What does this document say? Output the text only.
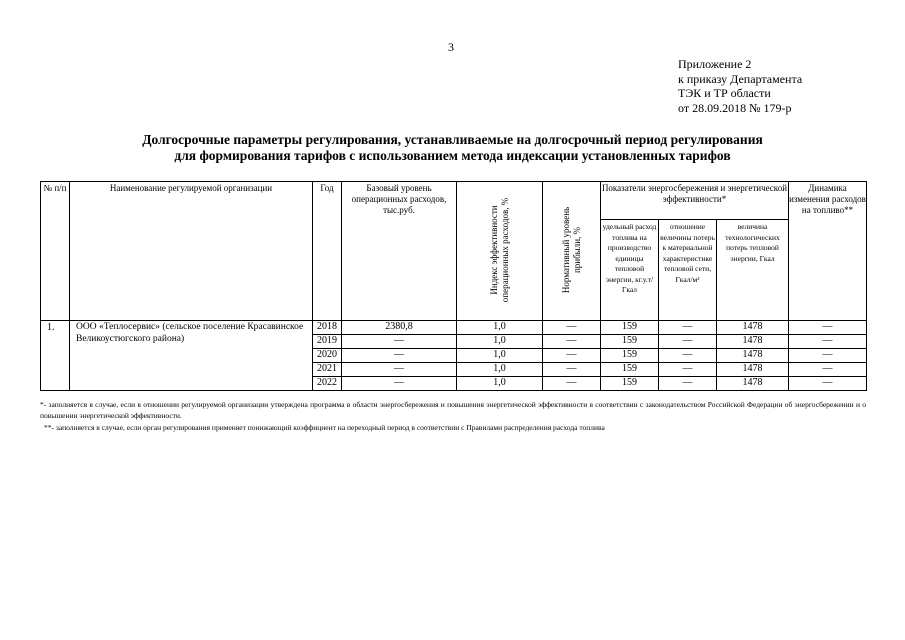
3
Приложение 2
к приказу Департамента
ТЭК и ТР области
от 28.09.2018 № 179-р
Долгосрочные параметры регулирования, устанавливаемые на долгосрочный период регулирования
для формирования тарифов с использованием метода индексации установленных тарифов
№ п/п	Наименование регулируемой организации	Год	Базовый уровень операционных расходов, тыс.руб.	Индекс эффективности операционных расходов, %	Нормативный уровень прибыли, %	Показатели энергосбережения и энергетической эффективности*			Динамика изменения расходов на топливо**
						удельный расход топлива на производство единицы тепловой энергии, кг.у.т/Гкал	отношение величины потерь к материальной характеристике тепловой сети, Гкал/м²	величина технологических потерь тепловой энергии, Гкал	
1.	ООО «Теплосервис» (сельское поселение Красавинское Великоустюгского района)	2018	2380,8	1,0	—	159	—	1478	—
		2019	—	1,0	—	159	—	1478	—
		2020	—	1,0	—	159	—	1478	—
		2021	—	1,0	—	159	—	1478	—
		2022	—	1,0	—	159	—	1478	—

*- заполняется в случае, если в отношении регулируемой организации утверждена программа в области энергосбережения и повышения энергетической эффективности в соответствии с законодательством Российской Федерации об энергосбережении и о повышении энергетической эффективности.

**- заполняется в случае, если орган регулирования применяет понижающий коэффициент на переходный период в соответствии с Правилами распределения расхода топлива
